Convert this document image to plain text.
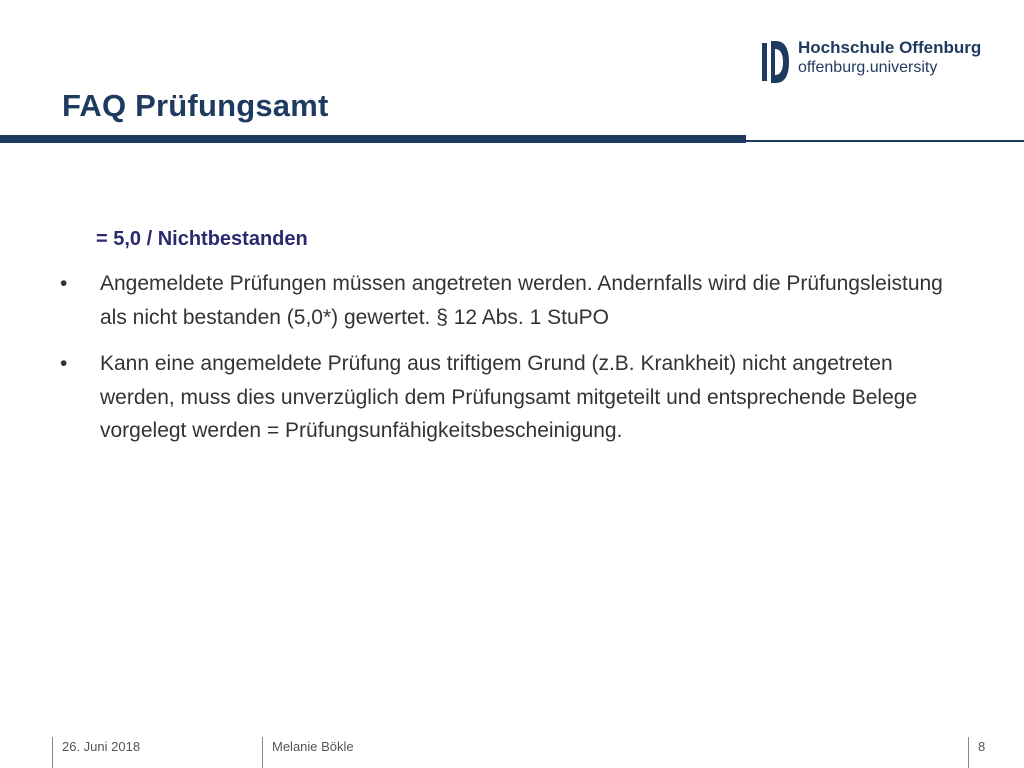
Hochschule Offenburg
offenburg.university
FAQ Prüfungsamt

= 5,0 / Nichtbestanden

• Angemeldete Prüfungen müssen angetreten werden. Andernfalls wird die Prüfungsleistung als nicht bestanden (5,0*) gewertet. § 12 Abs. 1 StuPO
• Kann eine angemeldete Prüfung aus triftigem Grund (z.B. Krankheit) nicht angetreten werden, muss dies unverzüglich dem Prüfungsamt mitgeteilt und entsprechende Belege vorgelegt werden = Prüfungsunfähigkeitsbescheinigung.
26. Juni 2018	Melanie Bökle	8
